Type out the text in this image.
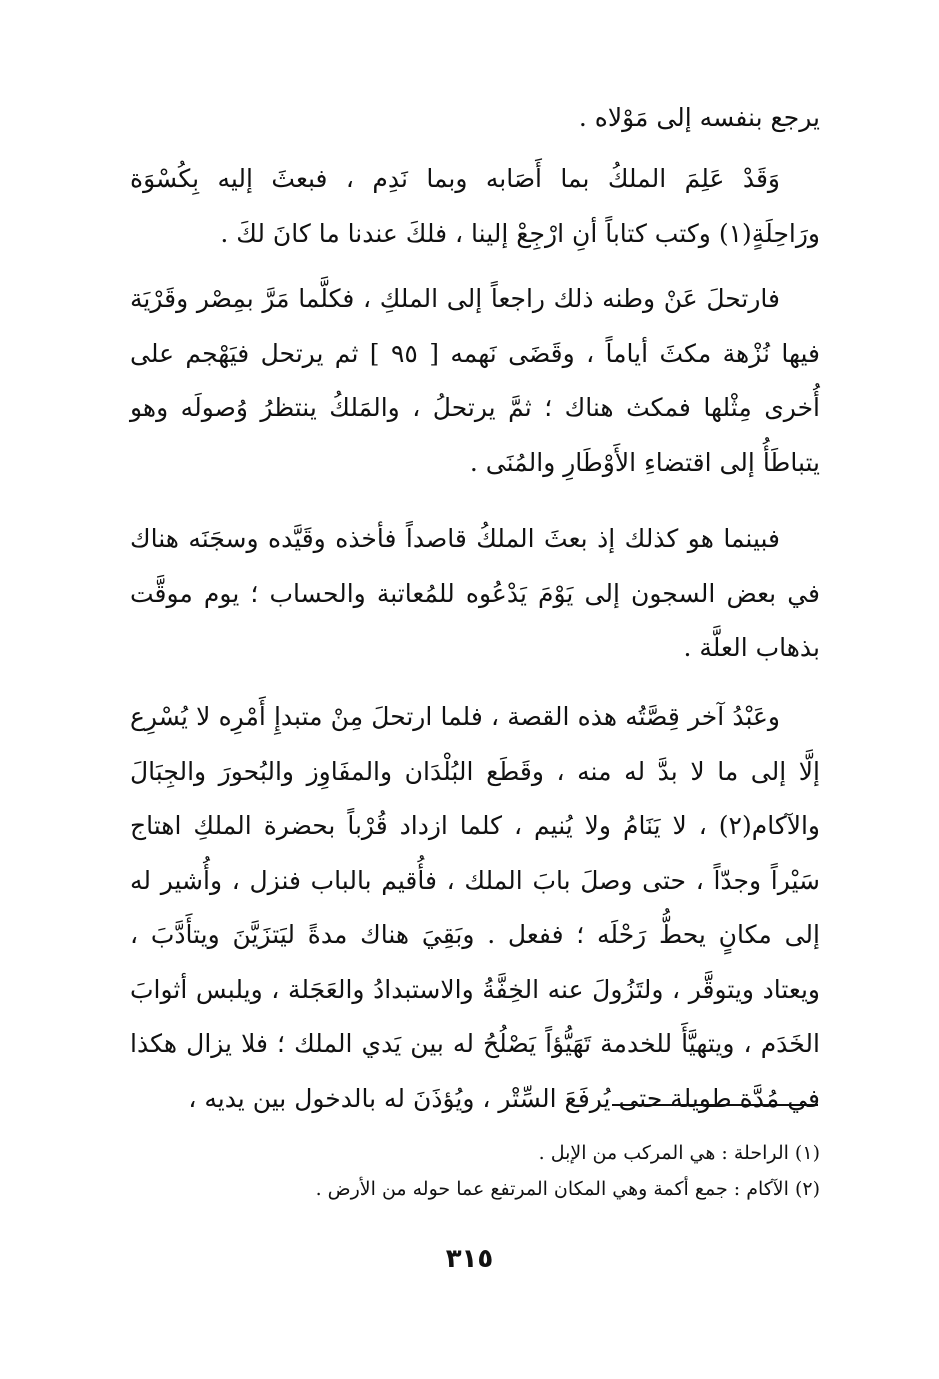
يرجع بنفسه إلى مَوْلاه .

وَقَدْ عَلِمَ الملكُ بما أَصَابه وبما نَدِم ، فبعثَ إليه بِكُسْوَة ورَاحِلَةٍ(١) وكتب كتاباً أنِ ارْجِعْ إلينا ، فلكَ عندنا ما كانَ لكَ .

فارتحلَ عَنْ وطنه ذلك راجعاً إلى الملكِ ، فكلَّما مَرَّ بمِصْر وقَرْيَة فيها نُزْهة مكثَ أياماً ، وقَضَى نَهمه [ ٩٥ ] ثم يرتحل فيَهْجم على أُخرى مِثْلها فمكث هناك ؛ ثمَّ يرتحلُ ، والمَلكُ ينتظرُ وُصولَه وهو يتباطَأُ إلى اقتضاءِ الأَوْطَارِ والمُنَى .

فبينما هو كذلك إذ بعثَ الملكُ قاصداً فأخذه وقَيَّده وسجَنَه هناك في بعض السجون إلى يَوْمَ يَدْعُوه للمُعاتبة والحساب ؛ يوم موقَّت بذهاب العلَّة .

وعَبْدُ آخر قِصَّتُه هذه القصة ، فلما ارتحلَ مِنْ متبدإِ أَمْرِه لا يُسْرِع إلَّا إلى ما لا بدَّ له منه ، وقَطَع البُلْدَان والمفَاوِز والبُحورَ والجِبَالَ والآكام(٢) ، لا يَنَامُ ولا يُنيم ، كلما ازداد قُرْباً بحضرة الملكِ اهتاج سَيْراً وجدّاً ، حتى وصلَ بابَ الملك ، فأُقيم بالباب فنزل ، وأُشير له إلى مكانٍ يحطُّ رَحْلَه ؛ ففعل . وبَقِيَ هناك مدةً ليَتزَيَّنَ ويتأَدَّبَ ، ويعتاد ويتوقَّر ، ولتَزُولَ عنه الخِفَّةُ والاستبدادُ والعَجَلة ، ويلبس أثوابَ الخَدَم ، ويتهيَّأَ للخدمة تَهَيُّؤاً يَصْلُحُ له بين يَدي الملك ؛ فلا يزال هكذا في مُدَّة طويلة حتى يُرفَعَ السِّتْر ، ويُؤذَنَ له بالدخول بين يديه ،

(١) الراحلة : هي المركب من الإبل .

(٢) الآكام : جمع أكمة وهي المكان المرتفع عما حوله من الأرض .

٣١٥
